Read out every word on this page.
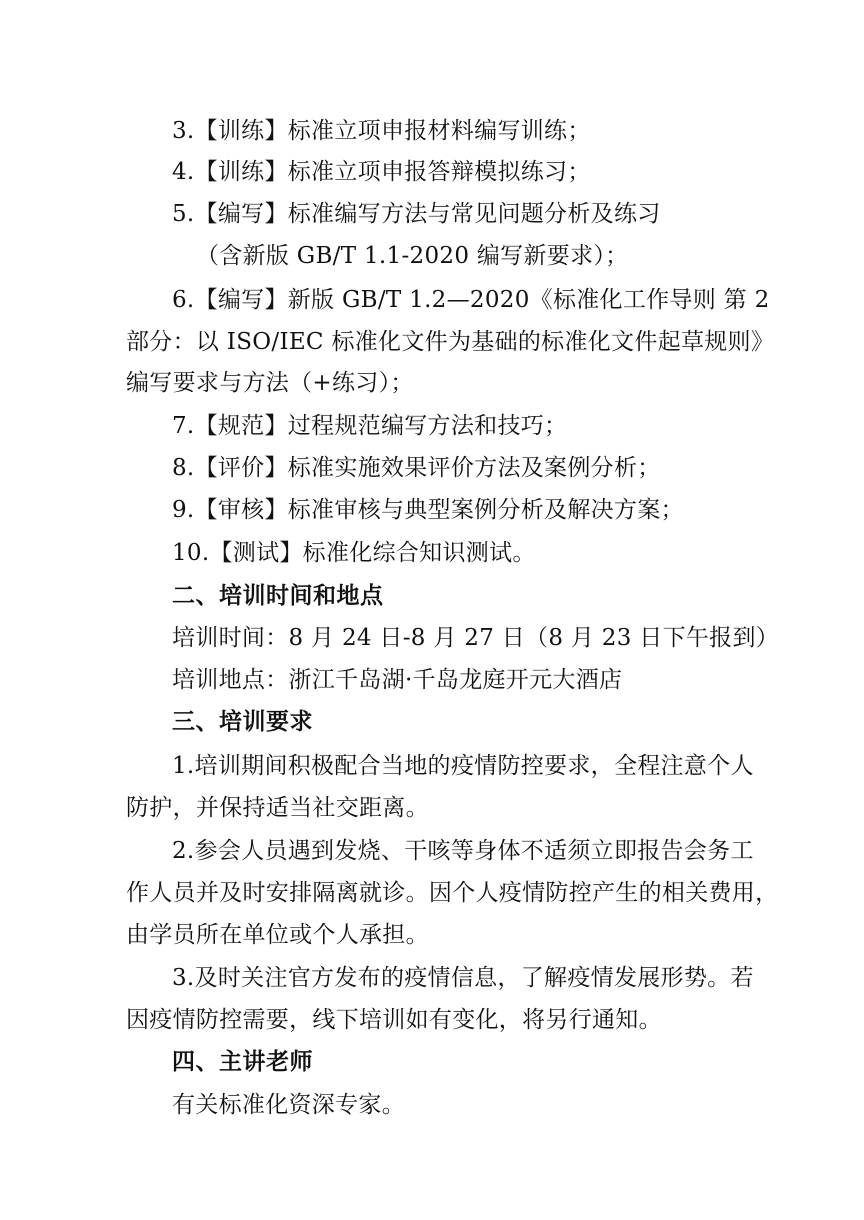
3.【训练】标准立项申报材料编写训练；
4.【训练】标准立项申报答辩模拟练习；
5.【编写】标准编写方法与常见问题分析及练习
（含新版 GB/T 1.1-2020 编写新要求）；
6.【编写】新版 GB/T 1.2—2020《标准化工作导则 第 2
部分：以 ISO/IEC 标准化文件为基础的标准化文件起草规则》
编写要求与方法（+练习）；
7.【规范】过程规范编写方法和技巧；
8.【评价】标准实施效果评价方法及案例分析；
9.【审核】标准审核与典型案例分析及解决方案；
10.【测试】标准化综合知识测试。
二、培训时间和地点
培训时间：8 月 24 日-8 月 27 日（8 月 23 日下午报到）
培训地点：浙江千岛湖·千岛龙庭开元大酒店
三、培训要求
1.培训期间积极配合当地的疫情防控要求，全程注意个人
防护，并保持适当社交距离。
2.参会人员遇到发烧、干咳等身体不适须立即报告会务工
作人员并及时安排隔离就诊。因个人疫情防控产生的相关费用，
由学员所在单位或个人承担。
3.及时关注官方发布的疫情信息，了解疫情发展形势。若
因疫情防控需要，线下培训如有变化，将另行通知。
四、主讲老师
有关标准化资深专家。
